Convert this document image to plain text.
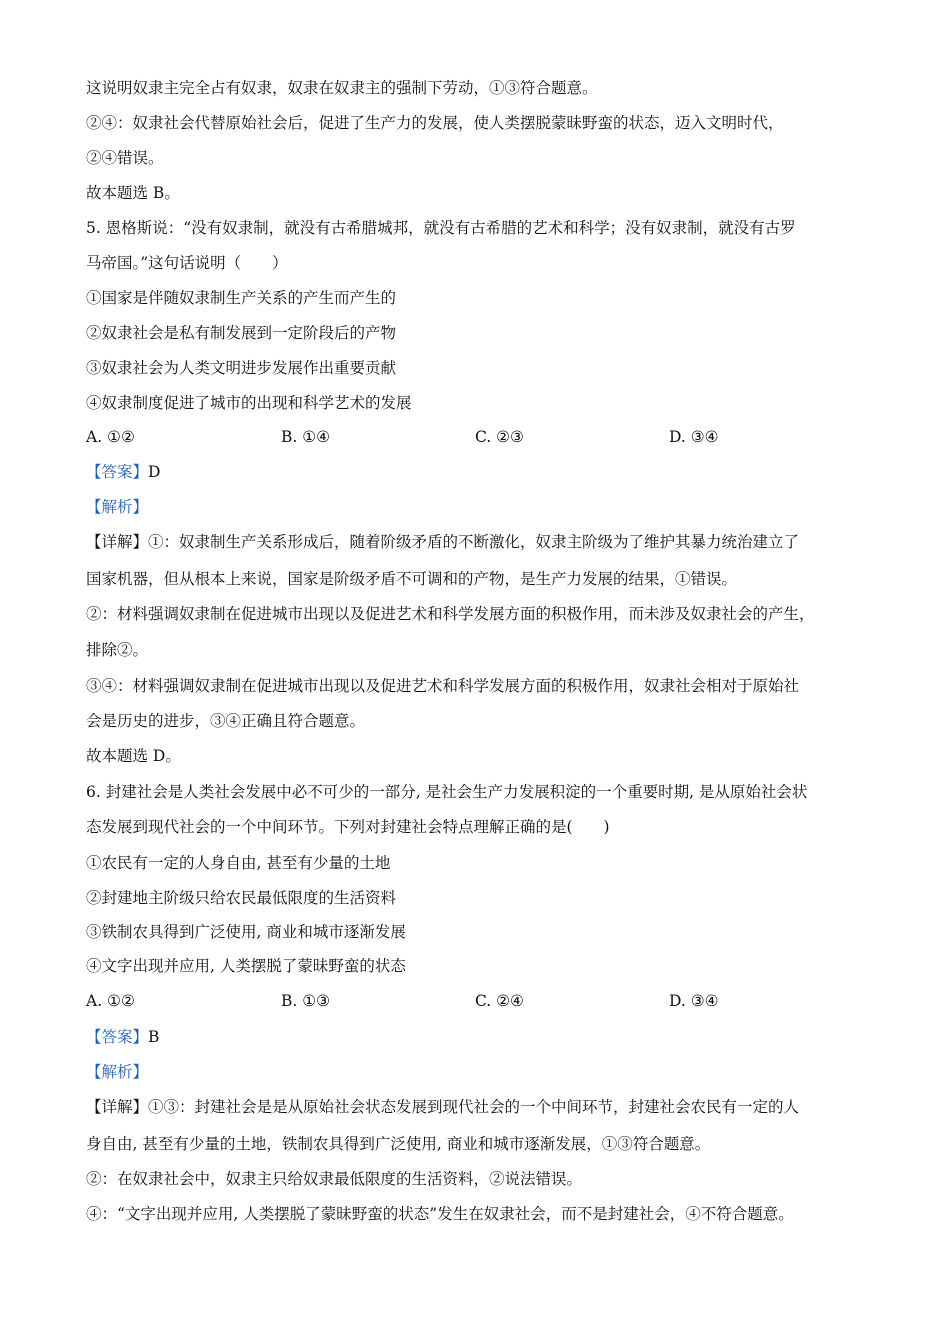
这说明奴隶主完全占有奴隶，奴隶在奴隶主的强制下劳动，①③符合题意。
②④：奴隶社会代替原始社会后，促进了生产力的发展，使人类摆脱蒙昧野蛮的状态，迈入文明时代，
②④错误。
故本题选 B。
5. 恩格斯说：“没有奴隶制，就没有古希腊城邦，就没有古希腊的艺术和科学；没有奴隶制，就没有古罗
马帝国。”这句话说明（　　）
①国家是伴随奴隶制生产关系的产生而产生的
②奴隶社会是私有制发展到一定阶段后的产物
③奴隶社会为人类文明进步发展作出重要贡献
④奴隶制度促进了城市的出现和科学艺术的发展
A. ①②	B. ①④	C. ②③	D. ③④
【答案】D
【解析】
【详解】①：奴隶制生产关系形成后，随着阶级矛盾的不断激化，奴隶主阶级为了维护其暴力统治建立了
国家机器，但从根本上来说，国家是阶级矛盾不可调和的产物，是生产力发展的结果，①错误。
②：材料强调奴隶制在促进城市出现以及促进艺术和科学发展方面的积极作用，而未涉及奴隶社会的产生，
排除②。
③④：材料强调奴隶制在促进城市出现以及促进艺术和科学发展方面的积极作用，奴隶社会相对于原始社
会是历史的进步，③④正确且符合题意。
故本题选 D。
6. 封建社会是人类社会发展中必不可少的一部分, 是社会生产力发展积淀的一个重要时期, 是从原始社会状
态发展到现代社会的一个中间环节。下列对封建社会特点理解正确的是(　　)
①农民有一定的人身自由, 甚至有少量的土地
②封建地主阶级只给农民最低限度的生活资料
③铁制农具得到广泛使用, 商业和城市逐渐发展
④文字出现并应用, 人类摆脱了蒙昧野蛮的状态
A. ①②	B. ①③	C. ②④	D. ③④
【答案】B
【解析】
【详解】①③：封建社会是是从原始社会状态发展到现代社会的一个中间环节，封建社会农民有一定的人
身自由, 甚至有少量的土地，铁制农具得到广泛使用, 商业和城市逐渐发展，①③符合题意。
②：在奴隶社会中，奴隶主只给奴隶最低限度的生活资料，②说法错误。
④：“文字出现并应用, 人类摆脱了蒙昧野蛮的状态”发生在奴隶社会，而不是封建社会，④不符合题意。
